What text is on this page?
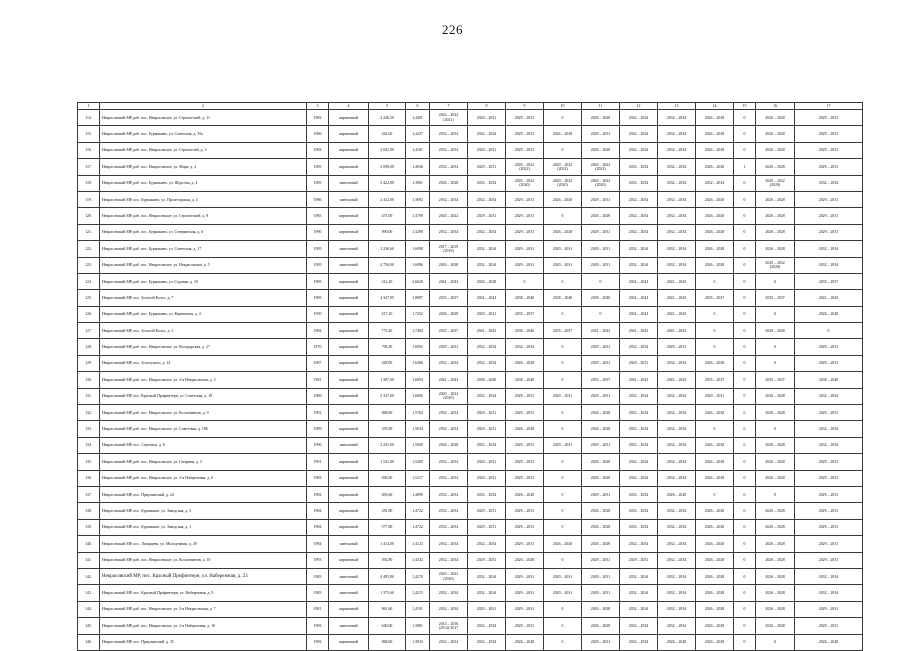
226
1	2	3	4	5	6	7	8	9	10	11	12	13	14	15	16	17
114.	Некрасовский МР, раб. пос. Некрасовское, ул. Строительей, д. 11	1982	кирпичный	4 246,50	1,4401	2022 – 2022
(2021)	2029 – 2031	2029 – 2031	0	2026 – 2028	2032 – 2034	2032 – 2034	2026 – 2028	0	2026 – 2028	2029 – 2031
115.	Некрасовский МР, раб. пос. Бурмакино, ул. Советская, д. 55а	1986	кирпичный	262,00	1,4237	2032 – 2034	2032 – 2034	2029 – 2031	2026 – 2028	2029 – 2031	2032 – 2034	2032 – 2034	2026 – 2028	0	2026 – 2028	2029 – 2031
116.	Некрасовский МР, раб. пос. Некрасовское, ул. Строителей, д. 3	1984	кирпичный	2 041,90	1,4161	2032 – 2034	2029 – 2031	2029 – 2031	0	2026 – 2028	2032 – 2034	2032 – 2034	2026 – 2028	0	2026 – 2028	2029 – 2031
117.	Некрасовский МР, раб. пос. Некрасовское, ул. Мира, д. 2	1985	кирпичный	2 098,00	1,4036	2032 – 2034	2029 – 2031	2020 – 2022
(2022)	2020 – 2022
(2022)	2020 – 2022
(2022)	2032 – 2034	2032 – 2034	2026 – 2028	1	2026 – 2028	2029 – 2031
118.	Некрасовский МР, раб. пос. Бурмакино, ул. Щорсова, д. 4	1985	панельный	3 422,80	1,3801	2026 – 2028	2032 – 2034	2020 – 2022
(2020)	2020 – 2022
(2020)	2020 – 2022
(2020)	2032 – 2034	2032 – 2034	2032 – 2034	0	2020 – 2022
(2020)	2032 – 2034
119.	Некрасовский МР, пос. Бурмакино, ул. Пролетарская, д. 4	1986	панельный	2 412,00	1,3692	2032 – 2034	2032 – 2034	2029 – 2031	2026 – 2028	2029 – 2031	2032 – 2034	2032 – 2034	2026 – 2028	0	2026 – 2028	2029 – 2031
120.	Некрасовский МР, раб. пос. Некрасовское, ул. Строительей, д. 8	1985	кирпичный	437,00	1,3709	2020 – 2022	2029 – 2031	2029 – 2031	0	2026 – 2028	2032 – 2034	2032 – 2034	2026 – 2028	0	2026 – 2028	2029 – 2031
121.	Некрасовский МР, раб. пос. Бурмакино, ул. Северянская, д. 6	1990	кирпичный	990,00	1,3290	2032 – 2034	2032 – 2034	2029 – 2031	2026 – 2028	2029 – 2031	2032 – 2034	2032 – 2034	2026 – 2028	0	2026 – 2028	2029 – 2031
122.	Некрасовский МР, раб. пос. Бурмакино, ул. Советская, д. 17	1995	панельный	3 236,60	1,6098	2017 – 2019
(2019)	2032 – 2034	2029 – 2031	2029 – 2031	2029 – 2031	2032 – 2034	2032 – 2034	2026 – 2028	0	2026 – 2028	2032 – 2034
123.	Некрасовский МР, раб. пос. Некрасовское, ул. Некрасовская, д. 5	1995	панельный	4 756,00	1,6986	2026 – 2028	2032 – 2034	2029 – 2031	2029 – 2031	2029 – 2031	2032 – 2034	2032 – 2034	2026 – 2028	0	2020 – 2022
(2020)	2032 – 2034
124.	Некрасовский МР, раб. пос. Бурмакино, ул. Садовая, д. 10	1985	кирпичный	312,40	2,6620	2041 – 2043	2026 – 2028	0	0	0	2041 – 2043	2041 – 2043	0	0	0	2035 – 2037
125.	Некрасовский МР, пос. Золотой Колос, д. 7	1985	кирпичный	4 347,95	1,8887	2035 – 2037	2041 – 2043	2038 – 2040	2038 – 2040	2038 – 2040	2041 – 2043	2041 – 2043	2035 – 2037	0	2035 – 2037	2041 – 2043
126.	Некрасовский МР, раб. пос. Бурмакино, ул. Кирпичная, д. 4	1950	кирпичный	417,10	1,7252	2026 – 2028	2029 – 2031	2035 – 2037	0	0	2041 – 2043	2041 – 2043	0	0	0	2026 – 2028
127.	Некрасовский МР, пос. Золотой Колос, д. 3	1984	кирпичный	775,40	1,7484	2035 – 2037	2041 – 2043	2038 – 2040	2035 – 2037	2041 – 2043	2041 – 2043	2041 – 2043	0	0	2038 – 2040	0
128.	Некрасовский МР, раб. пос. Некрасовское, ул. Володарская, д. 27	1870	кирпичный	706,50	1,6992	2029 – 2031	2032 – 2034	2032 – 2034	0	2029 – 2031	2032 – 2034	2029 – 2031	0	0	0	2029 – 2031
129.	Некрасовский МР, пос. Золотухино, д. 14	1987	кирпичный	428,00	1,6406	2032 – 2034	2032 – 2034	2026 – 2028	0	2029 – 2031	2029 – 2031	2032 – 2034	2026 – 2028	0	0	2029 – 2031
130.	Некрасовский МР, раб. пос. Некрасовское, ул. 2-я Некрасовская, д. 3	1981	кирпичный	1 307,00	1,6094	2041 – 2043	2038 – 2040	2038 – 2040	0	2035 – 2037	2041 – 2043	2041 – 2043	2035 – 2037	0	2035 – 2037	2038 – 2040
131.	Некрасовский МР, пос. Красный Профинтерн, ул. Советская, д. 18	1986	кирпичный	5 337,00	1,6006	2020 – 2022
(2020)	2032 – 2034	2029 – 2031	2029 – 2031	2029 – 2031	2032 – 2034	2032 – 2034	2029 – 2031	0	2026 – 2028	2032 – 2034
132.	Некрасовский МР, раб. пос. Некрасовское, ул. Космонавтов, д. 9	1992	кирпичный	868,60	1,5764	2032 – 2034	2029 – 2031	2029 – 2031	0	2026 – 2028	2032 – 2034	2032 – 2034	2026 – 2028	0	2026 – 2028	2029 – 2031
133.	Некрасовский МР, раб. пос. Некрасовское, ул. Советская, д. 186	1989	кирпичный	355,90	1,5634	2032 – 2034	2029 – 2031	2026 – 2028	0	2026 – 2028	2032 – 2034	2032 – 2034	0	0	0	2032 – 2034
134.	Некрасовский МР, пос. Стрелица, д. 6	1996	панельный	2 241,00	1,5600	2026 – 2028	2032 – 2034	2029 – 2031	2029 – 2031	2029 – 2031	2032 – 2034	2032 – 2034	2026 – 2028	0	2026 – 2028	2032 – 2034
135.	Некрасовский МР, раб. пос. Некрасовское, ул. Гагарина, д. 5	1991	кирпичный	1 541,00	1,5269	2032 – 2034	2029 – 2031	2029 – 2031	0	2026 – 2028	2032 – 2034	2032 – 2034	2026 – 2028	0	2026 – 2028	2029 – 2031
136.	Некрасовский МР, раб. пос. Некрасовское, ул. 2-я Набережная, д. 6	1983	кирпичный	836,00	1,5217	2032 – 2034	2029 – 2031	2029 – 2031	0	2026 – 2028	2032 – 2034	2032 – 2034	2026 – 2028	0	2026 – 2028	2029 – 2031
137.	Некрасовский МР, пос. Приупинский, д. 24	1982	кирпичный	693,60	1,4890	2032 – 2034	2032 – 2034	2026 – 2028	0	2029 – 2031	2032 – 2034	2026 – 2028	0	0	0	2029 – 2031
138.	Некрасовский МР, пос. Бурмакино, ул. Заводская, д. 3	1984	кирпичный	281,80	1,4722	2032 – 2034	2029 – 2031	2029 – 2031	0	2026 – 2028	2032 – 2034	2032 – 2034	2026 – 2028	0	2026 – 2028	2029 – 2031
139.	Некрасовский МР, пос. Бурмакино, ул. Заводская, д. 1	1984	кирпичный	577,80	1,4722	2032 – 2034	2029 – 2031	2029 – 2031	0	2026 – 2028	2032 – 2034	2032 – 2034	2026 – 2028	0	2026 – 2028	2029 – 2031
140.	Некрасовский МР, пос. Лазарцево, ул. Молодежная, д. 29	1984	панельный	1 414,00	1,4123	2032 – 2034	2032 – 2034	2029 – 2031	2026 – 2028	2026 – 2028	2032 – 2034	2032 – 2034	2026 – 2028	0	2026 – 2028	2029 – 2031
141.	Некрасовский МР, раб. пос. Некрасовское, ул. Космонавтов, д. 10	1993	кирпичный	592,80	1,4332	2032 – 2034	2029 – 2031	2026 – 2028	0	2029 – 2031	2029 – 2031	2032 – 2034	2026 – 2028	0	2026 – 2028	2029 – 2031
142.	Некрасовский МР, пос. Красный Профинтерн, ул. Набережная, д. 23	1983	панельный	4 495,80	1,4270	2020 – 2022
(2020)	2032 – 2034	2029 – 2031	2029 – 2031	2029 – 2031	2032 – 2034	2032 – 2034	2026 – 2028	0	2026 – 2028	2032 – 2034
143.	Некрасовский МР, пос. Красный Профинтерн, ул. Набережная, д. 9	1983	панельный	1 375,60	1,4215	2032 – 2034	2032 – 2034	2029 – 2031	2029 – 2031	2029 – 2031	2032 – 2034	2032 – 2034	2026 – 2028	0	2026 – 2028	2032 – 2034
144.	Некрасовский МР, раб. пос. Некрасовское, ул. 2-я Некрасовская, д. 7	1981	кирпичный	861,60	1,4191	2032 – 2034	2029 – 2031	2029 – 2031	0	2026 – 2028	2032 – 2034	2032 – 2034	2026 – 2028	0	2026 – 2028	2029 – 2031
145.	Некрасовский МР, раб. пос. Некрасовское, ул. 2-я Набережная, д. 10	1983	панельный	640,00	1,3981	2014 – 2016
(2014)-2017	2032 – 2034	2029 – 2031	0	2026 – 2028	2032 – 2034	2032 – 2034	2026 – 2028	0	2026 – 2028	2029 – 2031
146.	Некрасовский МР, пос. Приупинский, д. 35	1982	кирпичный	868,00	1,3933	2032 – 2034	2032 – 2034	2026 – 2028	0	2029 – 2031	2032 – 2034	2026 – 2028	2026 – 2028	0	0	2026 – 2028
